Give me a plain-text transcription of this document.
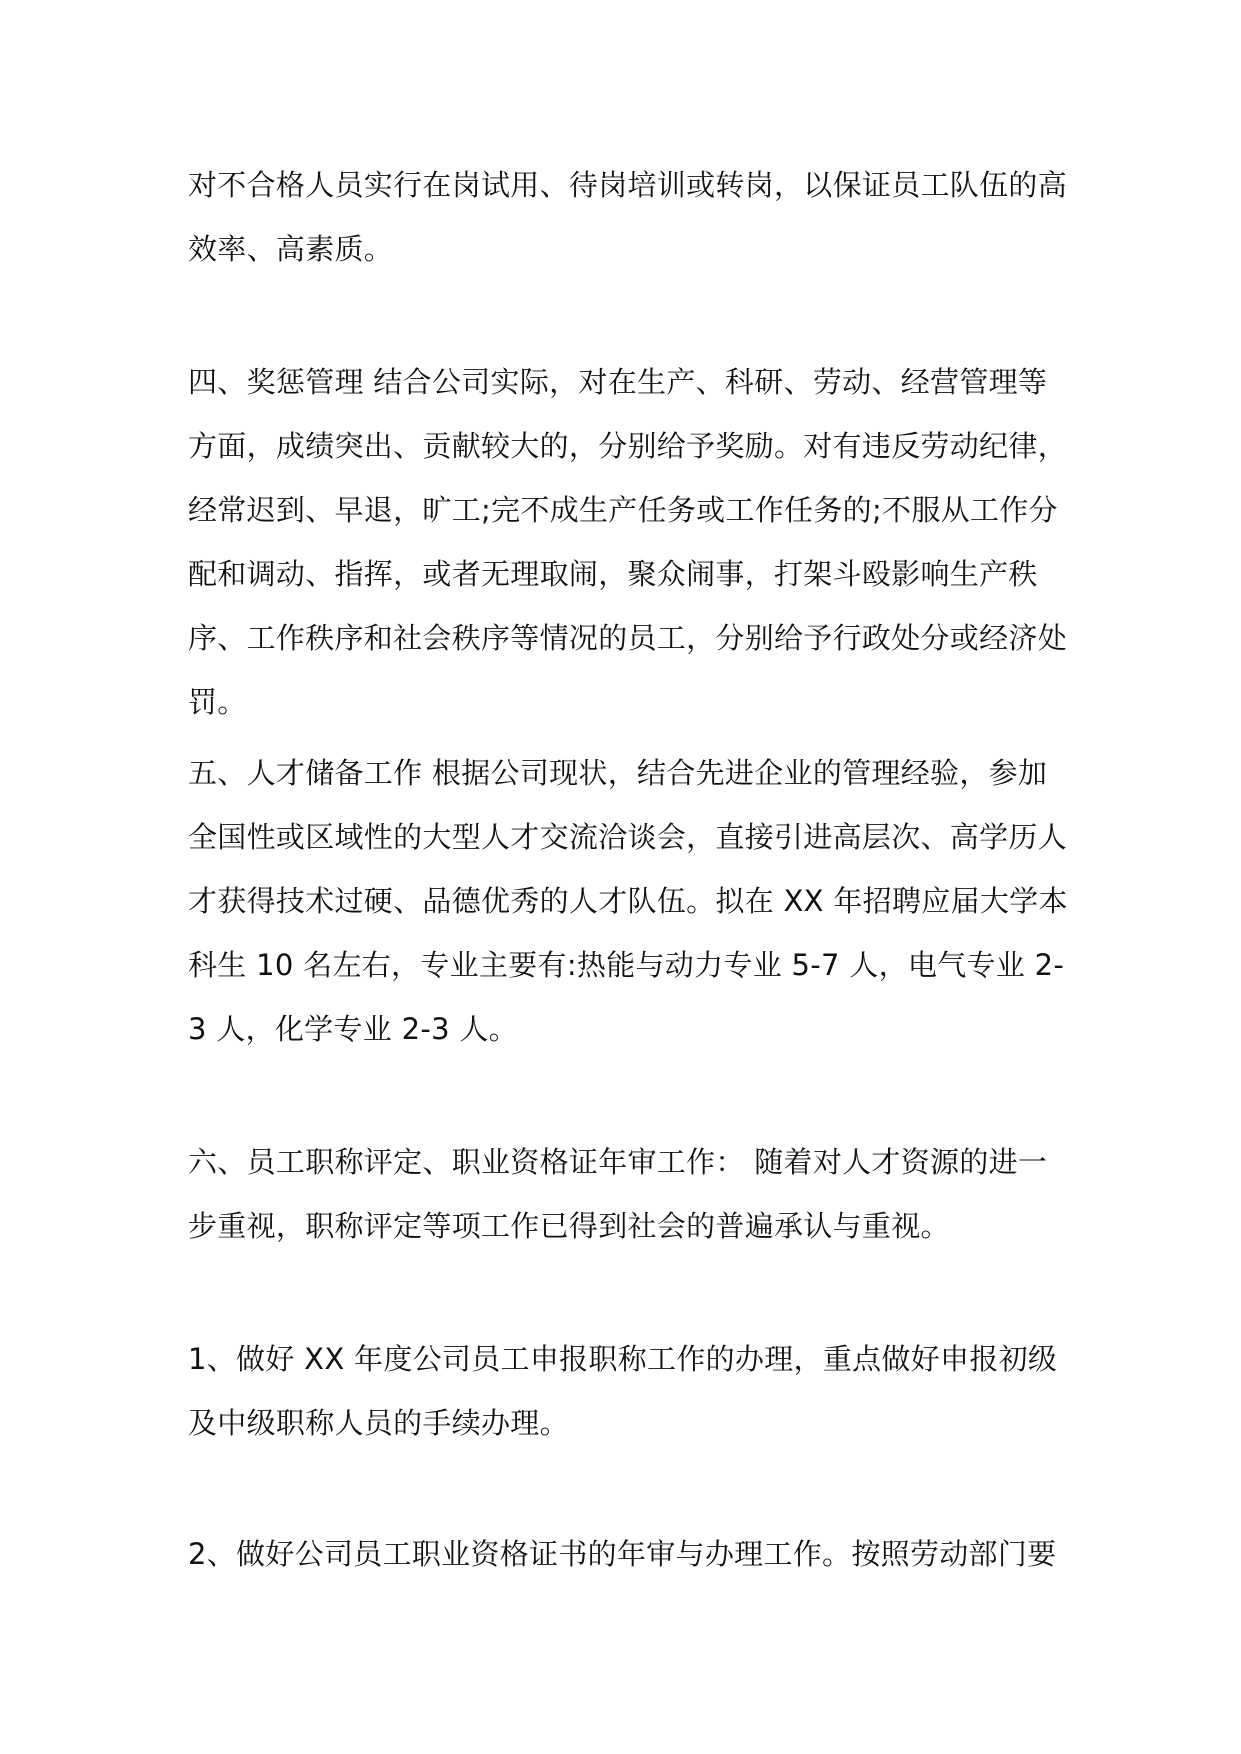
对不合格人员实行在岗试用、待岗培训或转岗，以保证员工队伍的高效率、高素质。

四、奖惩管理 结合公司实际，对在生产、科研、劳动、经营管理等方面，成绩突出、贡献较大的，分别给予奖励。对有违反劳动纪律，经常迟到、早退，旷工;完不成生产任务或工作任务的;不服从工作分配和调动、指挥，或者无理取闹，聚众闹事，打架斗殴影响生产秩序、工作秩序和社会秩序等情况的员工，分别给予行政处分或经济处罚。

五、人才储备工作 根据公司现状，结合先进企业的管理经验，参加全国性或区域性的大型人才交流洽谈会，直接引进高层次、高学历人才获得技术过硬、品德优秀的人才队伍。拟在 XX 年招聘应届大学本科生 10 名左右，专业主要有:热能与动力专业 5-7 人，电气专业 2-3 人，化学专业 2-3 人。

六、员工职称评定、职业资格证年审工作： 随着对人才资源的进一步重视，职称评定等项工作已得到社会的普遍承认与重视。

1、做好 XX 年度公司员工申报职称工作的办理，重点做好申报初级及中级职称人员的手续办理。

2、做好公司员工职业资格证书的年审与办理工作。按照劳动部门要
